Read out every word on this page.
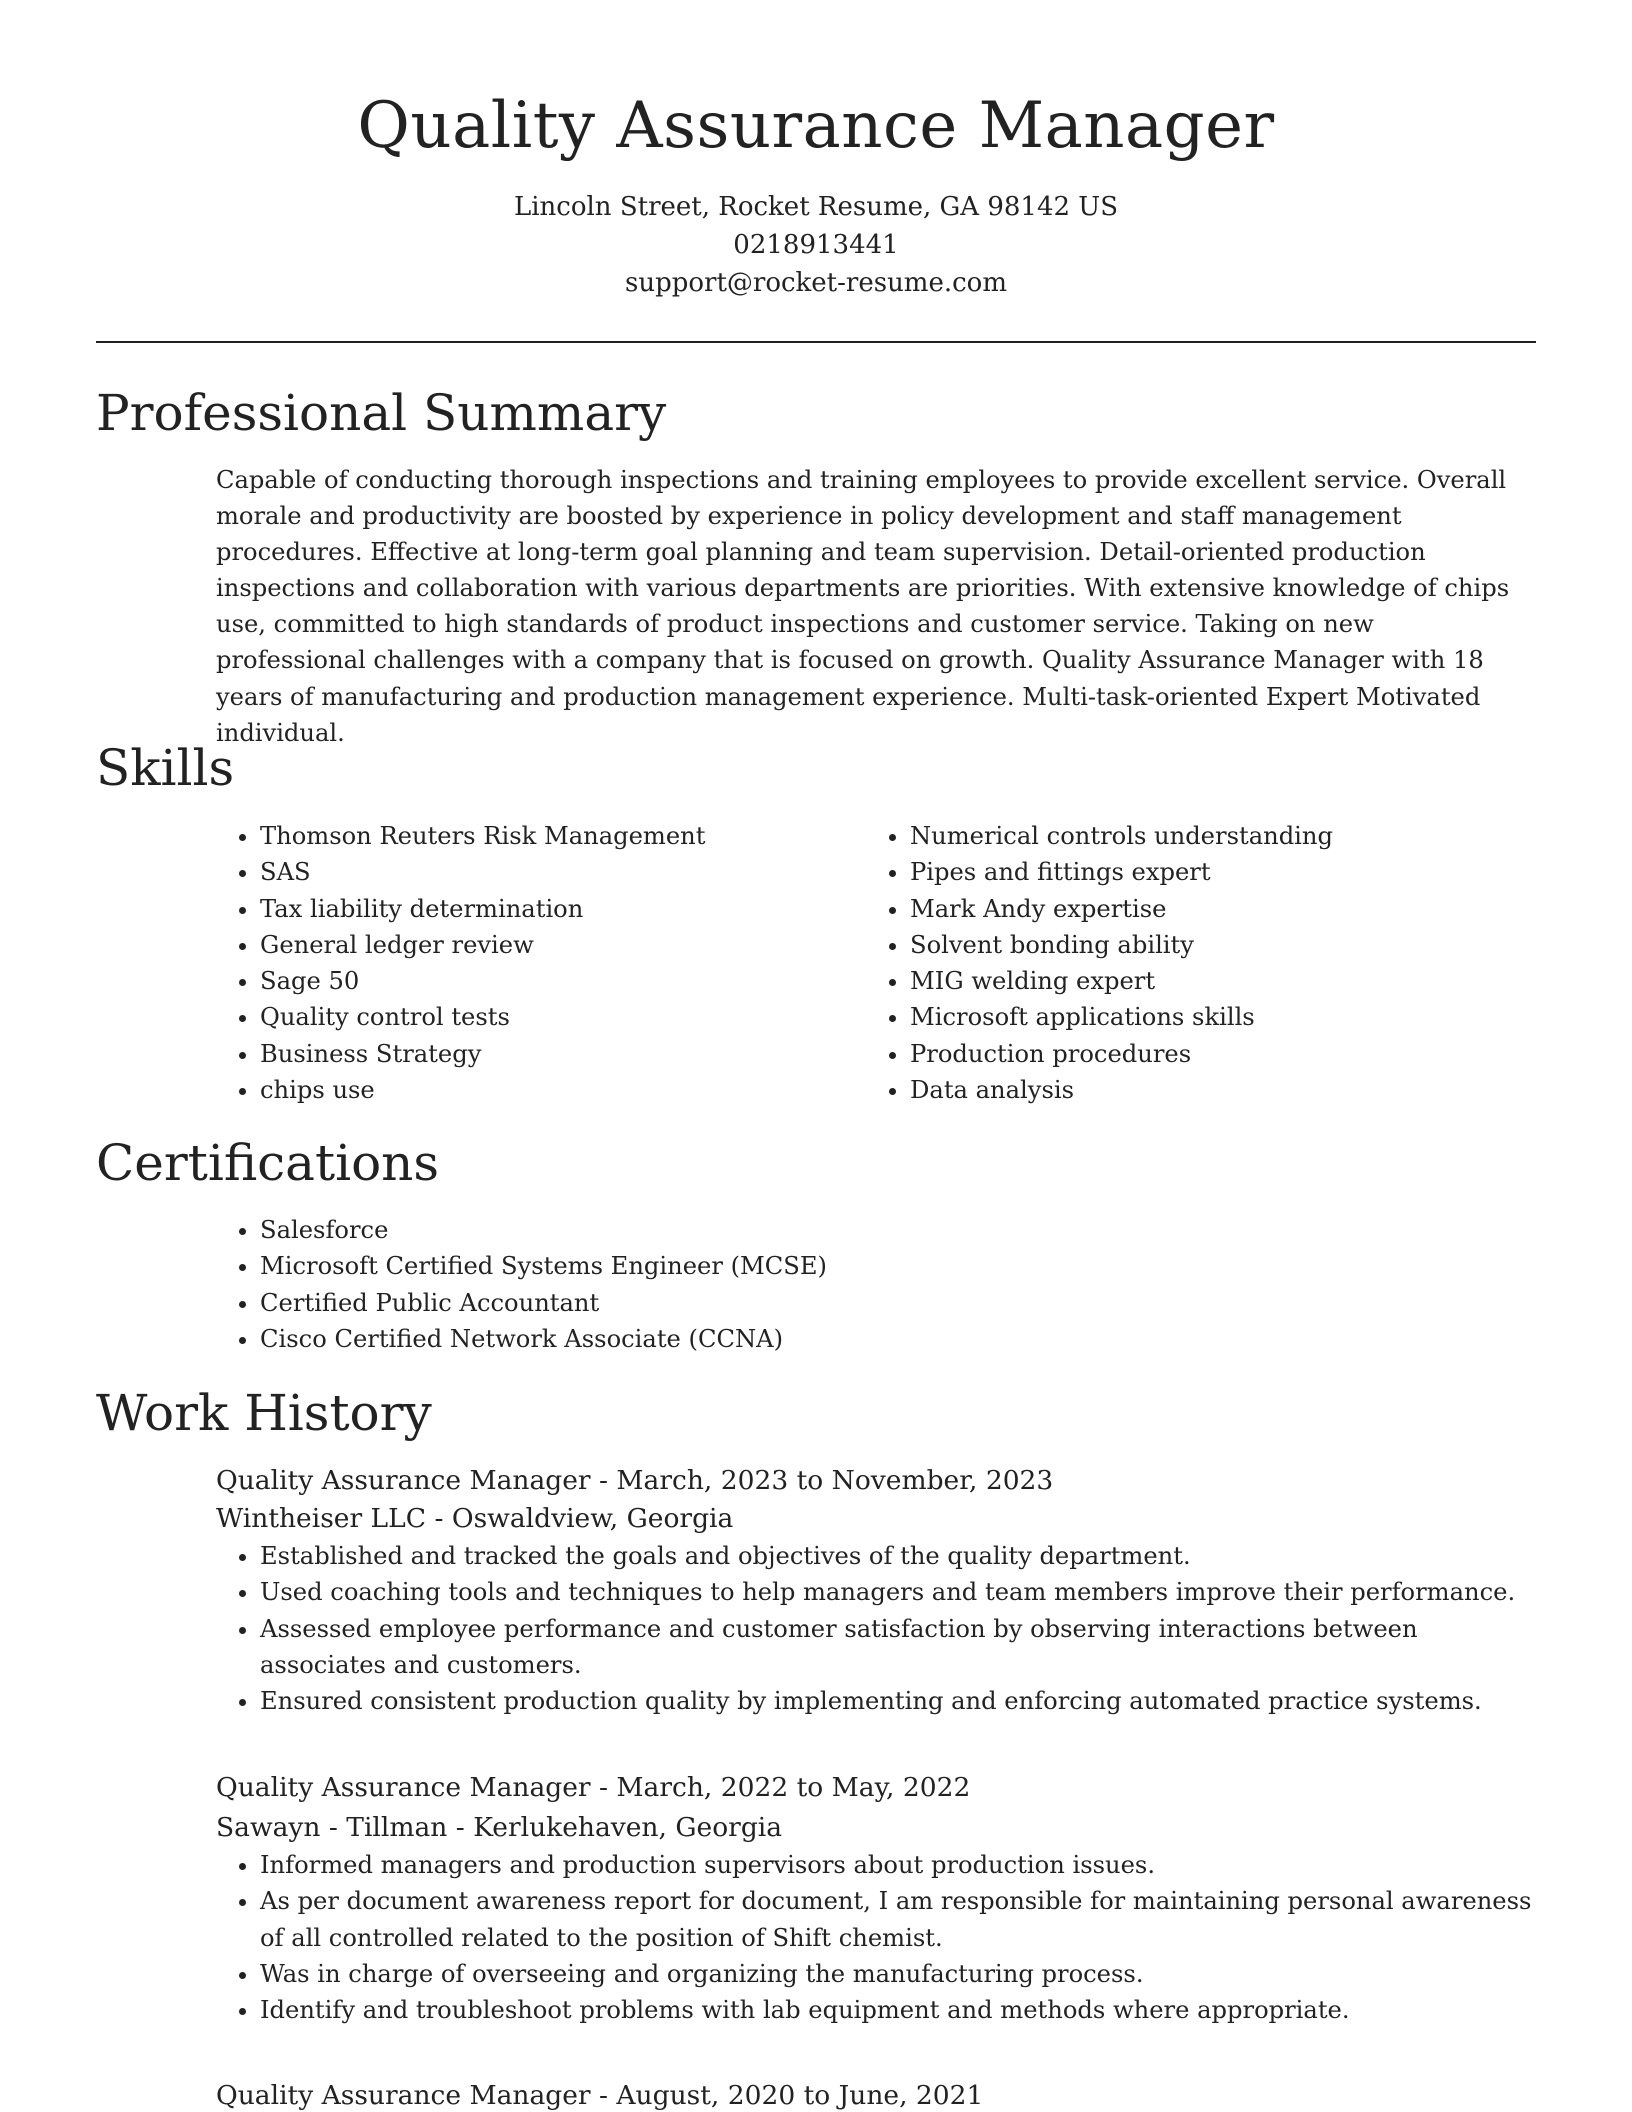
Quality Assurance Manager

Lincoln Street, Rocket Resume, GA 98142 US

0218913441

support@rocket-resume.com

Professional Summary

Capable of conducting thorough inspections and training employees to provide excellent service. Overall morale and productivity are boosted by experience in policy development and staff management procedures. Effective at long-term goal planning and team supervision. Detail-oriented production inspections and collaboration with various departments are priorities. With extensive knowledge of chips use, committed to high standards of product inspections and customer service. Taking on new professional challenges with a company that is focused on growth. Quality Assurance Manager with 18 years of manufacturing and production management experience. Multi-task-oriented Expert Motivated individual.

Skills
• Thomson Reuters Risk Management
• SAS
• Tax liability determination
• General ledger review
• Sage 50
• Quality control tests
• Business Strategy
• chips use
• Numerical controls understanding
• Pipes and fittings expert
• Mark Andy expertise
• Solvent bonding ability
• MIG welding expert
• Microsoft applications skills
• Production procedures
• Data analysis
Certifications
• Salesforce
• Microsoft Certified Systems Engineer (MCSE)
• Certified Public Accountant
• Cisco Certified Network Associate (CCNA)
Work History

Quality Assurance Manager - March, 2023 to November, 2023

Wintheiser LLC - Oswaldview, Georgia

• Established and tracked the goals and objectives of the quality department.
• Used coaching tools and techniques to help managers and team members improve their performance.
• Assessed employee performance and customer satisfaction by observing interactions between associates and customers.
• Ensured consistent production quality by implementing and enforcing automated practice systems.

Quality Assurance Manager - March, 2022 to May, 2022

Sawayn - Tillman - Kerlukehaven, Georgia

• Informed managers and production supervisors about production issues.
• As per document awareness report for document, I am responsible for maintaining personal awareness of all controlled related to the position of Shift chemist.
• Was in charge of overseeing and organizing the manufacturing process.
• Identify and troubleshoot problems with lab equipment and methods where appropriate.

Quality Assurance Manager - August, 2020 to June, 2021
